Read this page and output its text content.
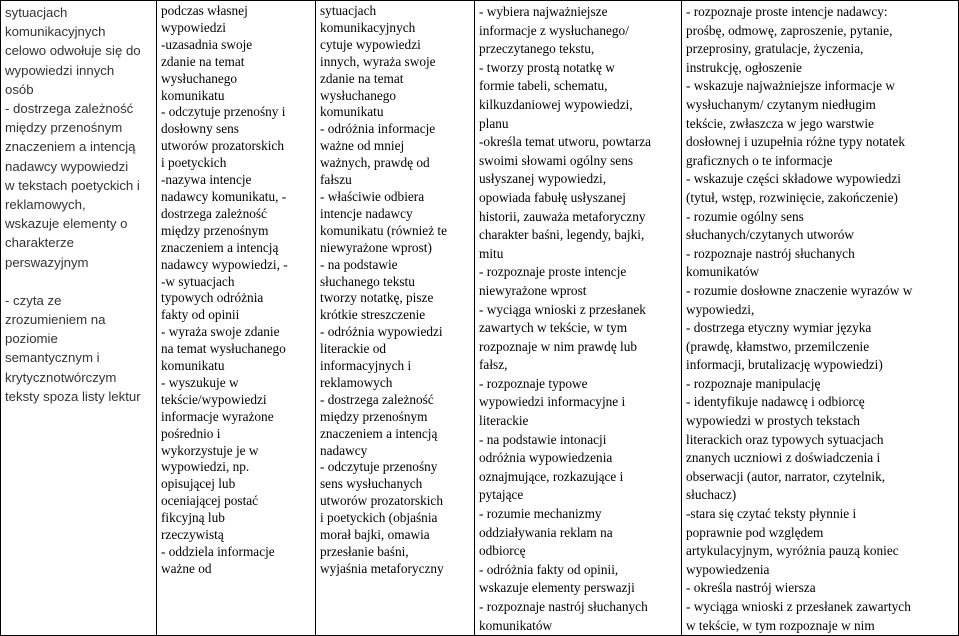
sytuacjach
komunikacyjnych
celowo odwołuje się do
wypowiedzi innych
osób
- dostrzega zależność
między przenośnym
znaczeniem a intencją
nadawcy wypowiedzi
w tekstach poetyckich i
reklamowych,
wskazuje elementy o
charakterze
perswazyjnym
- czyta ze
zrozumieniem na
poziomie
semantycznym i
krytycznotwórczym
teksty spoza listy lektur

podczas własnej
wypowiedzi
-uzasadnia swoje
zdanie na temat
wysłuchanego
komunikatu
- odczytuje przenośny i
dosłowny sens
utworów prozatorskich
i poetyckich
-nazywa intencje
nadawcy komunikatu, -
dostrzega zależność
między przenośnym
znaczeniem a intencją
nadawcy wypowiedzi, -
-w sytuacjach
typowych odróżnia
fakty od opinii
- wyraża swoje zdanie
na temat wysłuchanego
komunikatu
- wyszukuje w
tekście/wypowiedzi
informacje wyrażone
pośrednio i
wykorzystuje je w
wypowiedzi, np.
opisującej lub
oceniającej postać
fikcyjną lub
rzeczywistą
- oddziela informacje
ważne od

sytuacjach
komunikacyjnych
cytuje wypowiedzi
innych, wyraża swoje
zdanie na temat
wysłuchanego
komunikatu
- odróżnia informacje
ważne od mniej
ważnych, prawdę od
fałszu
- właściwie odbiera
intencje nadawcy
komunikatu (również te
niewyrażone wprost)
- na podstawie
słuchanego tekstu
tworzy notatkę, pisze
krótkie streszczenie
- odróżnia wypowiedzi
literackie od
informacyjnych i
reklamowych
- dostrzega zależność
między przenośnym
znaczeniem a intencją
nadawcy
- odczytuje przenośny
sens wysłuchanych
utworów prozatorskich
i poetyckich (objaśnia
morał bajki, omawia
przesłanie baśni,
wyjaśnia metaforyczny

- wybiera najważniejsze
informacje z wysłuchanego/
przeczytanego tekstu,
- tworzy prostą notatkę w
formie tabeli, schematu,
kilkuzdaniowej wypowiedzi,
planu
-określa temat utworu, powtarza
swoimi słowami ogólny sens
usłyszanej wypowiedzi,
opowiada fabułę usłyszanej
historii, zauważa metaforyczny
charakter baśni, legendy, bajki,
mitu
- rozpoznaje proste intencje
niewyrażone wprost
- wyciąga wnioski z przesłanek
zawartych w tekście, w tym
rozpoznaje w nim prawdę lub
fałsz,
- rozpoznaje typowe
wypowiedzi informacyjne i
literackie
- na podstawie intonacji
odróżnia wypowiedzenia
oznajmujące, rozkazujące i
pytające
- rozumie mechanizmy
oddziaływania reklam na
odbiorcę
- odróżnia fakty od opinii,
wskazuje elementy perswazji
- rozpoznaje nastrój słuchanych
komunikatów

- rozpoznaje proste intencje nadawcy:
prośbę, odmowę, zaproszenie, pytanie,
przeprosiny, gratulacje, życzenia,
instrukcję, ogłoszenie
- wskazuje najważniejsze informacje w
wysłuchanym/ czytanym niedługim
tekście, zwłaszcza w jego warstwie
dosłownej i uzupełnia różne typy notatek
graficznych o te informacje
- wskazuje części składowe wypowiedzi
(tytuł, wstęp, rozwinięcie, zakończenie)
- rozumie ogólny sens
słuchanych/czytanych utworów
- rozpoznaje nastrój słuchanych
komunikatów
- rozumie dosłowne znaczenie wyrazów w
wypowiedzi,
- dostrzega etyczny wymiar języka
(prawdę, kłamstwo, przemilczenie
informacji, brutalizację wypowiedzi)
- rozpoznaje manipulację
- identyfikuje nadawcę i odbiorcę
wypowiedzi w prostych tekstach
literackich oraz typowych sytuacjach
znanych uczniowi z doświadczenia i
obserwacji (autor, narrator, czytelnik,
słuchacz)
-stara się czytać teksty płynnie i
poprawnie pod względem
artykulacyjnym, wyróżnia pauzą koniec
wypowiedzenia
- określa nastrój wiersza
- wyciąga wnioski z przesłanek zawartych
w tekście, w tym rozpoznaje w nim
